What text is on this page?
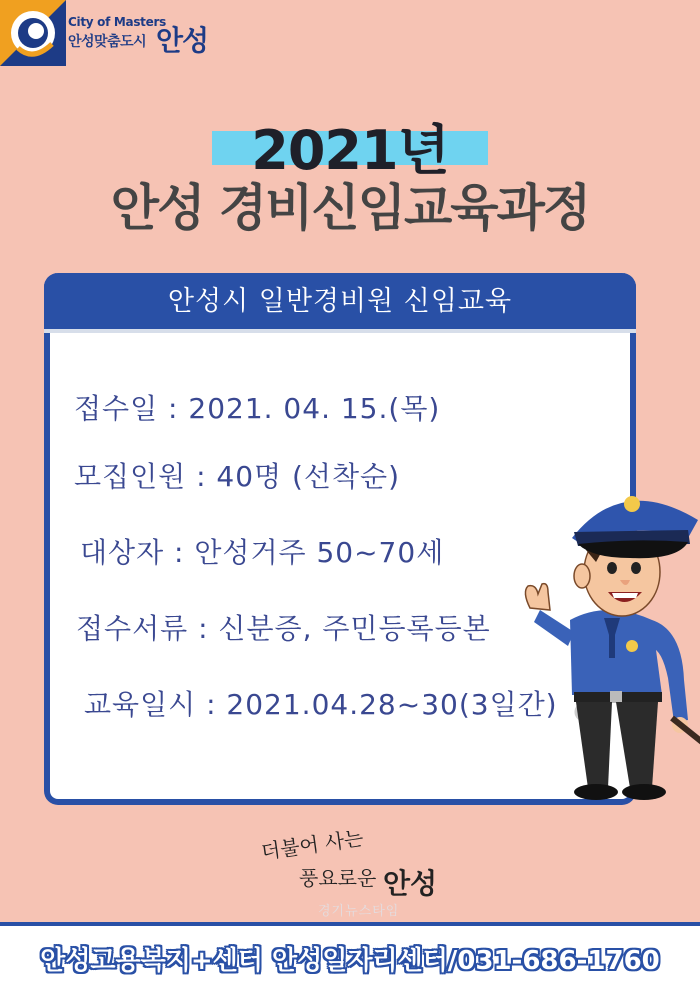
City of Masters
안성맞춤도시 안성
2021년
안성 경비신임교육과정
안성시 일반경비원 신임교육
접수일 : 2021. 04. 15.(목)
모집인원 : 40명 (선착순)
대상자 : 안성거주 50~70세
접수서류 : 신분증, 주민등록등본
교육일시 : 2021.04.28~30(3일간)
더불어 사는
풍요로운 안성
경기뉴스타임
안성고용복지+센터 안성일자리센터/031-686-1760
